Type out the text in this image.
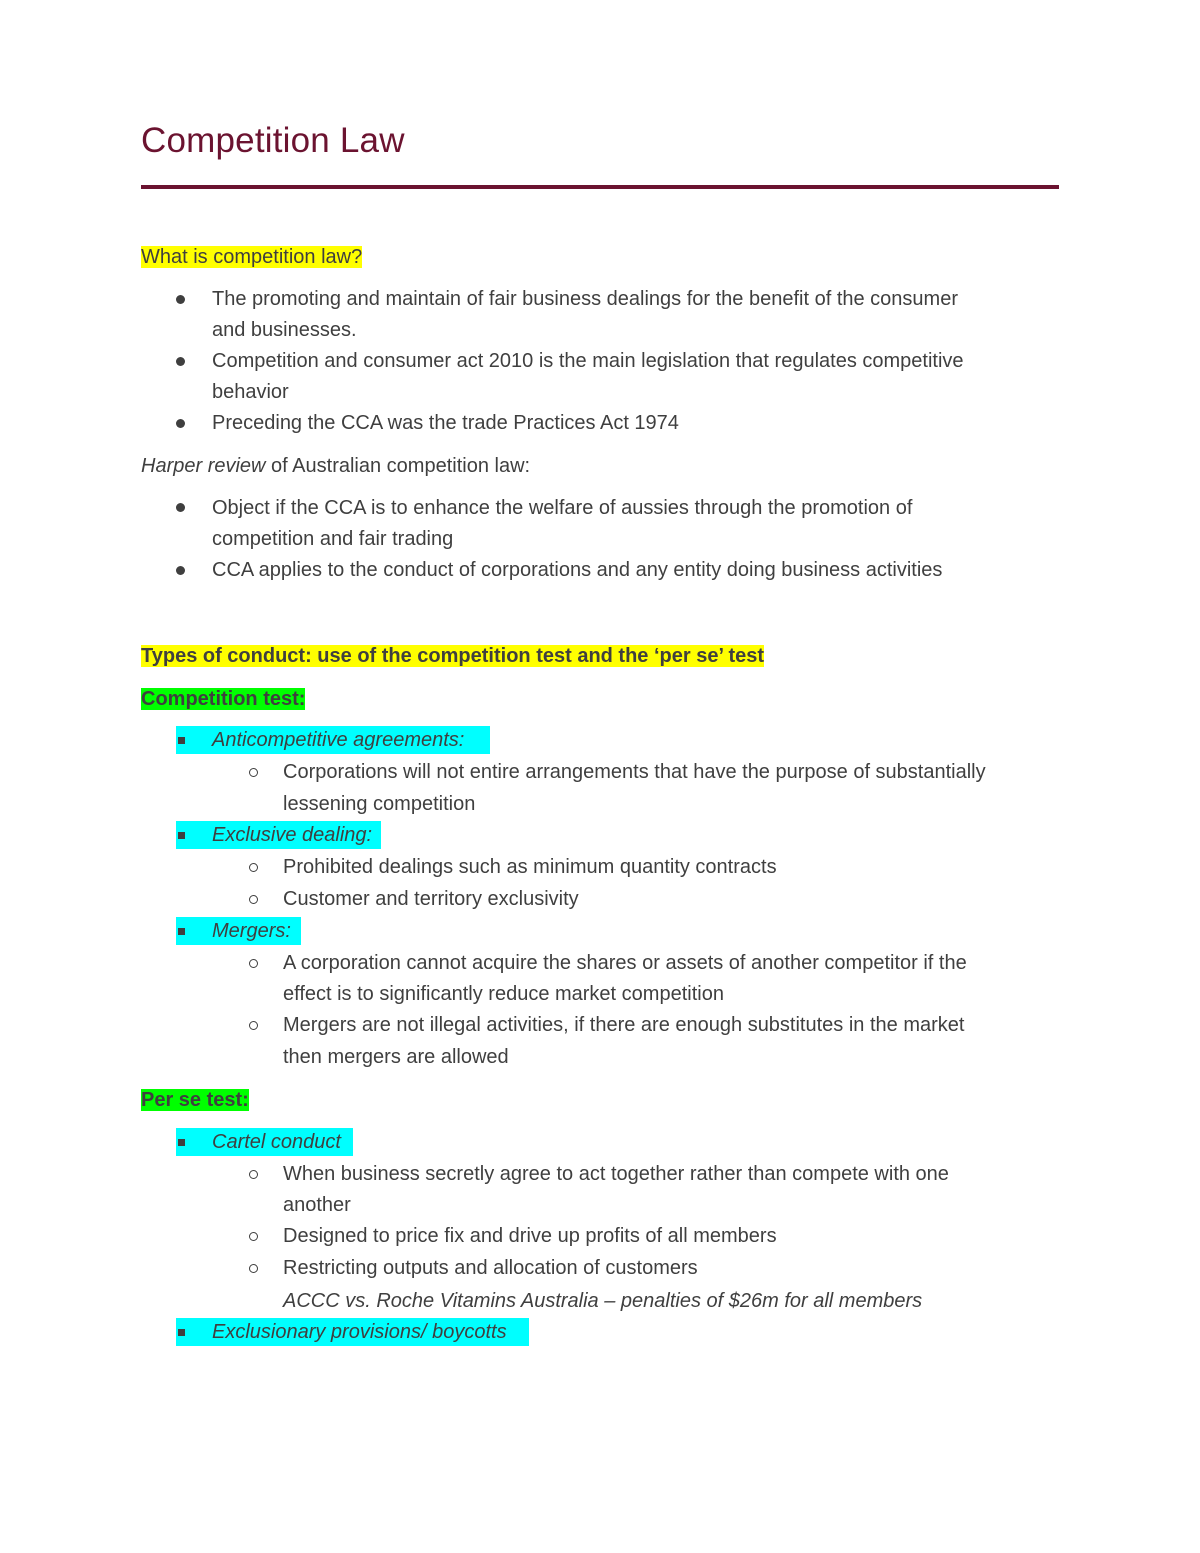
Competition Law
What is competition law?
The promoting and maintain of fair business dealings for the benefit of the consumer
and businesses.
Competition and consumer act 2010 is the main legislation that regulates competitive
behavior
Preceding the CCA was the trade Practices Act 1974
Harper review of Australian competition law:
Object if the CCA is to enhance the welfare of aussies through the promotion of
competition and fair trading
CCA applies to the conduct of corporations and any entity doing business activities
Types of conduct: use of the competition test and the ‘per se’ test
Competition test:
Anticompetitive agreements:
Corporations will not entire arrangements that have the purpose of substantially
lessening competition
Exclusive dealing:
Prohibited dealings such as minimum quantity contracts
Customer and territory exclusivity
Mergers:
A corporation cannot acquire the shares or assets of another competitor if the
effect is to significantly reduce market competition
Mergers are not illegal activities, if there are enough substitutes in the market
then mergers are allowed
Per se test:
Cartel conduct
When business secretly agree to act together rather than compete with one
another
Designed to price fix and drive up profits of all members
Restricting outputs and allocation of customers
ACCC vs. Roche Vitamins Australia – penalties of $26m for all members
Exclusionary provisions/ boycotts
